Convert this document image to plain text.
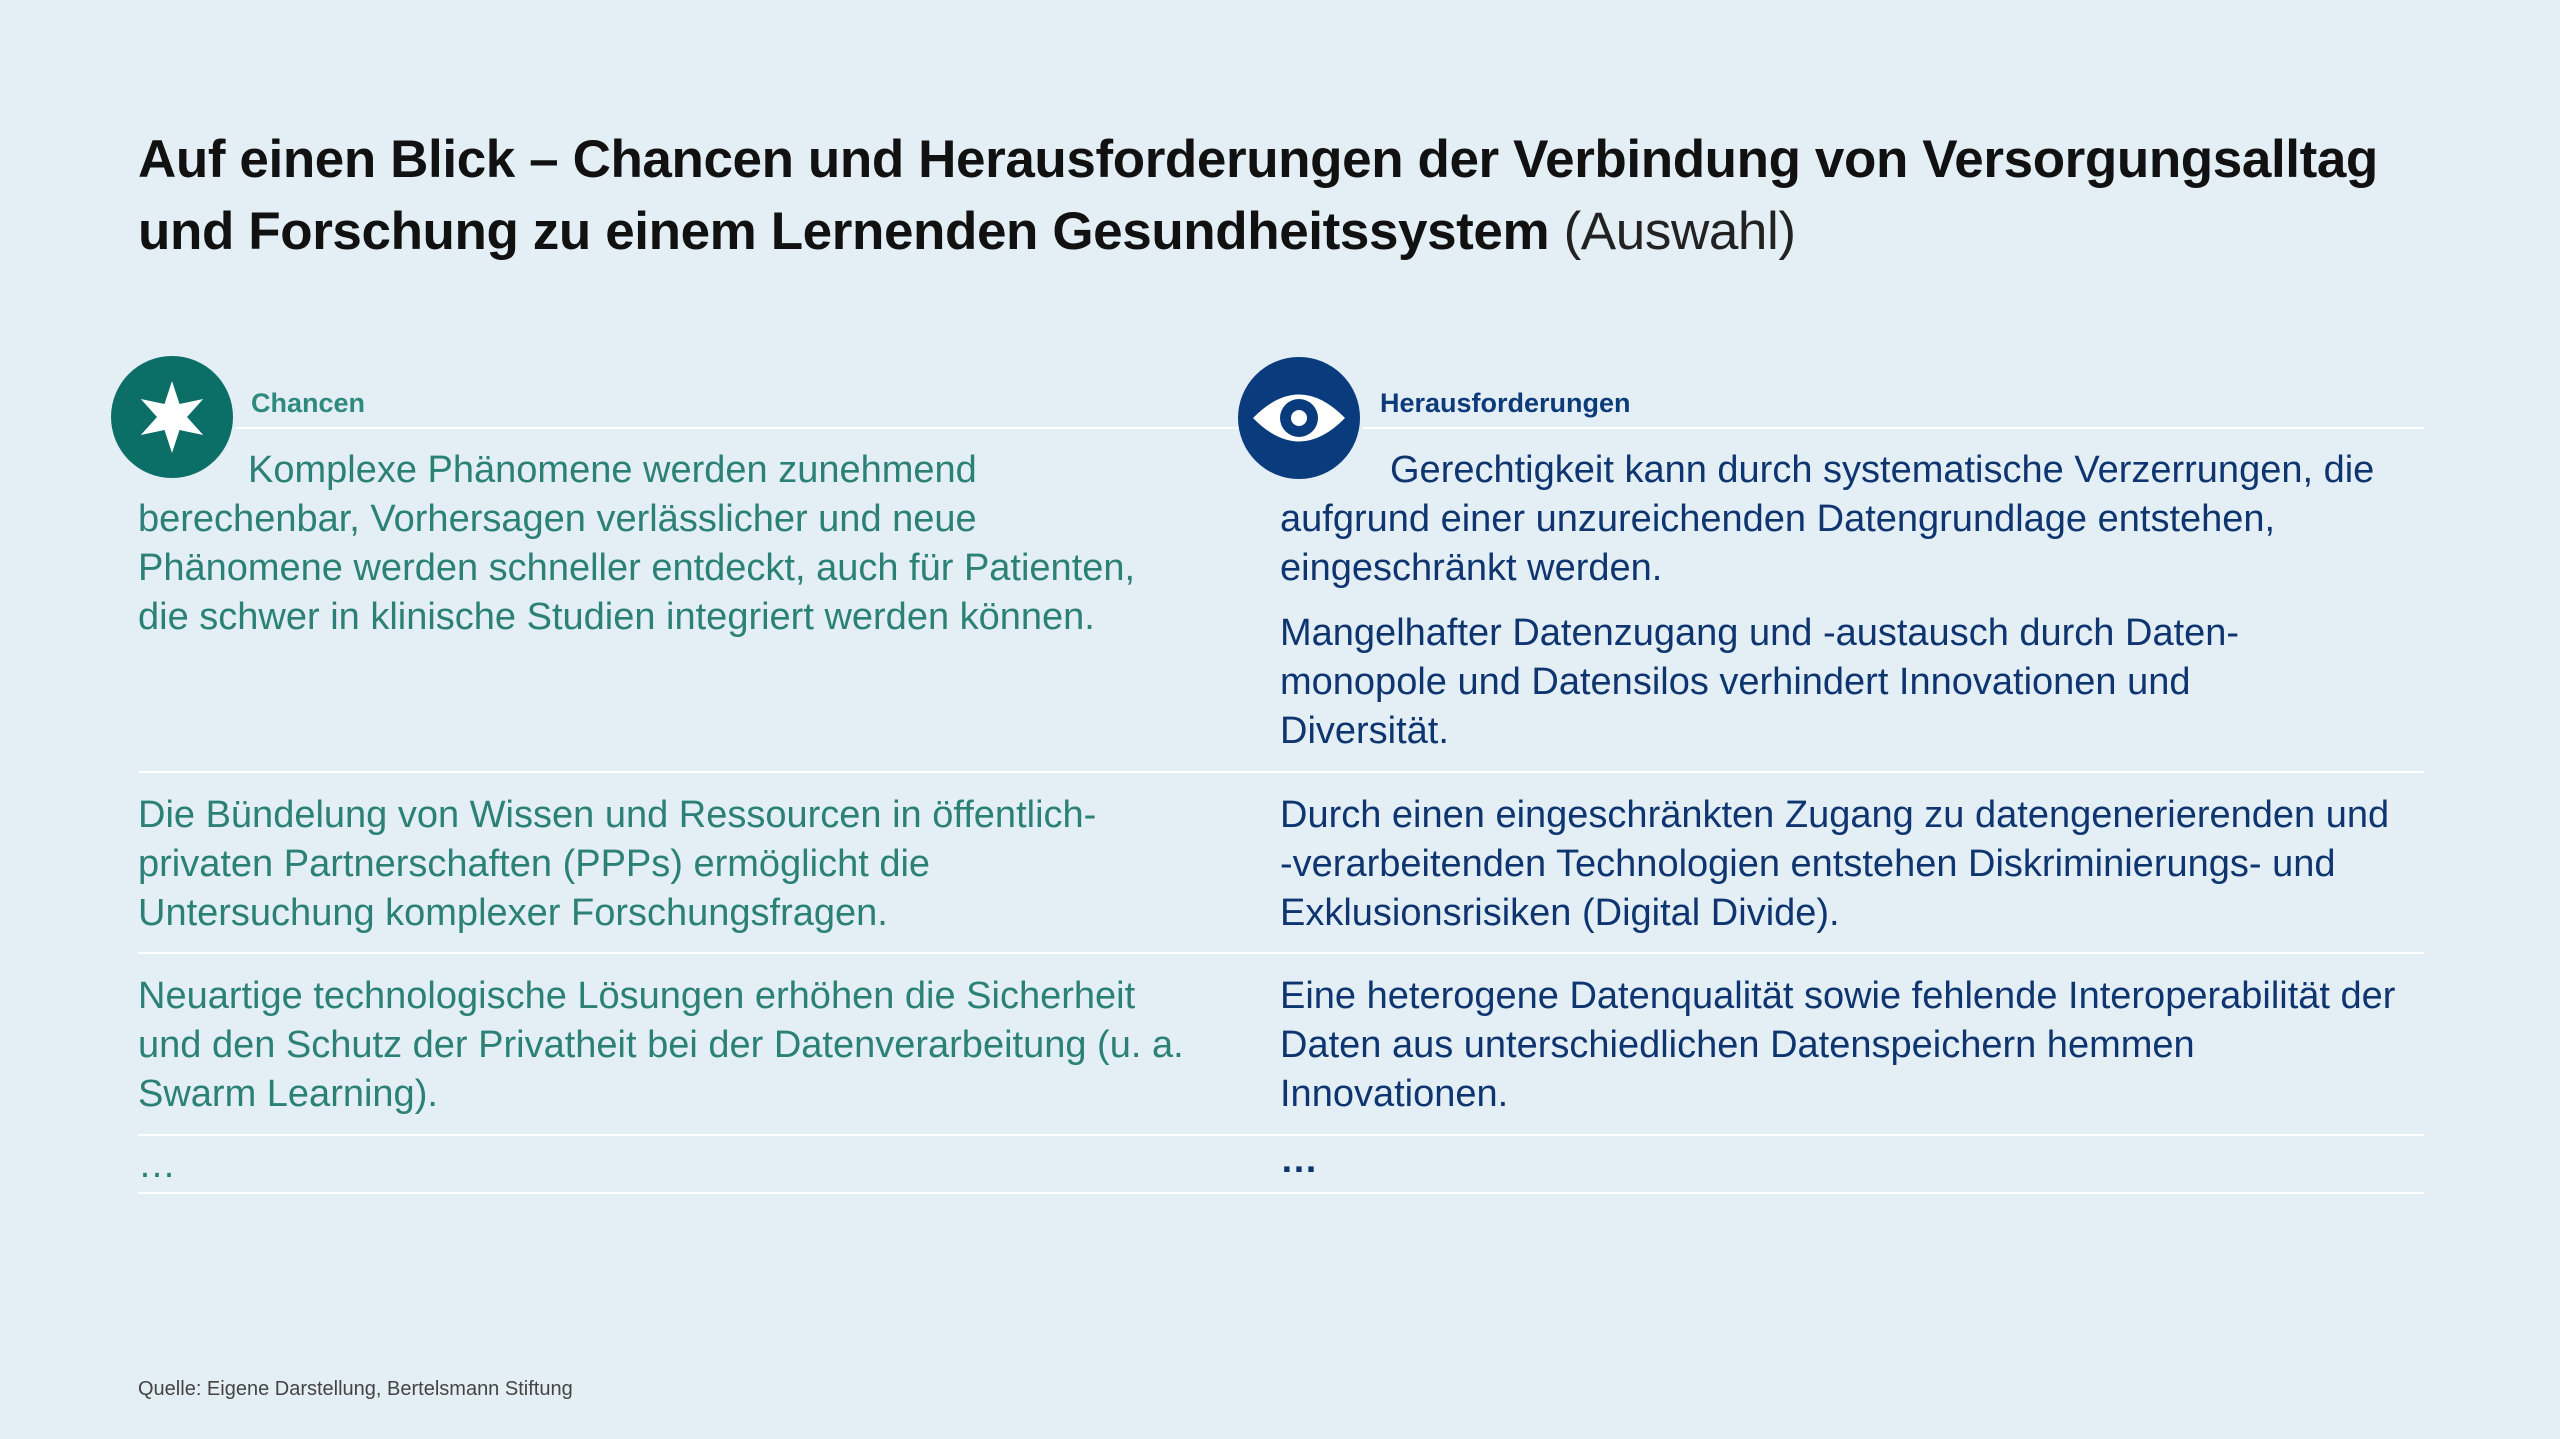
Auf einen Blick – Chancen und Herausforderungen der Verbindung von Versorgungsalltag und Forschung zu einem Lernenden Gesundheitssystem (Auswahl)
Chancen	Herausforderungen
Komplexe Phänomene werden zunehmend berechenbar, Vorhersagen verlässlicher und neue Phänomene werden schneller entdeckt, auch für Patienten, die schwer in klinische Studien integriert werden können.
Die Bündelung von Wissen und Ressourcen in öffentlich-privaten Partnerschaften (PPPs) ermöglicht die Untersuchung komplexer Forschungsfragen.
Neuartige technologische Lösungen erhöhen die Sicherheit und den Schutz der Privatheit bei der Datenverarbeitung (u. a. Swarm Learning).
…
Gerechtigkeit kann durch systematische Verzerrungen, die aufgrund einer unzureichenden Datengrundlage entstehen, eingeschränkt werden.
Mangelhafter Datenzugang und -austausch durch Daten-monopole und Datensilos verhindert Innovationen und Diversität.
Durch einen eingeschränkten Zugang zu datengenerierenden und -verarbeitenden Technologien entstehen Diskriminierungs- und Exklusionsrisiken (Digital Divide).
Eine heterogene Datenqualität sowie fehlende Interoperabilität der Daten aus unterschiedlichen Datenspeichern hemmen Innovationen.
…
Quelle: Eigene Darstellung, Bertelsmann Stiftung
